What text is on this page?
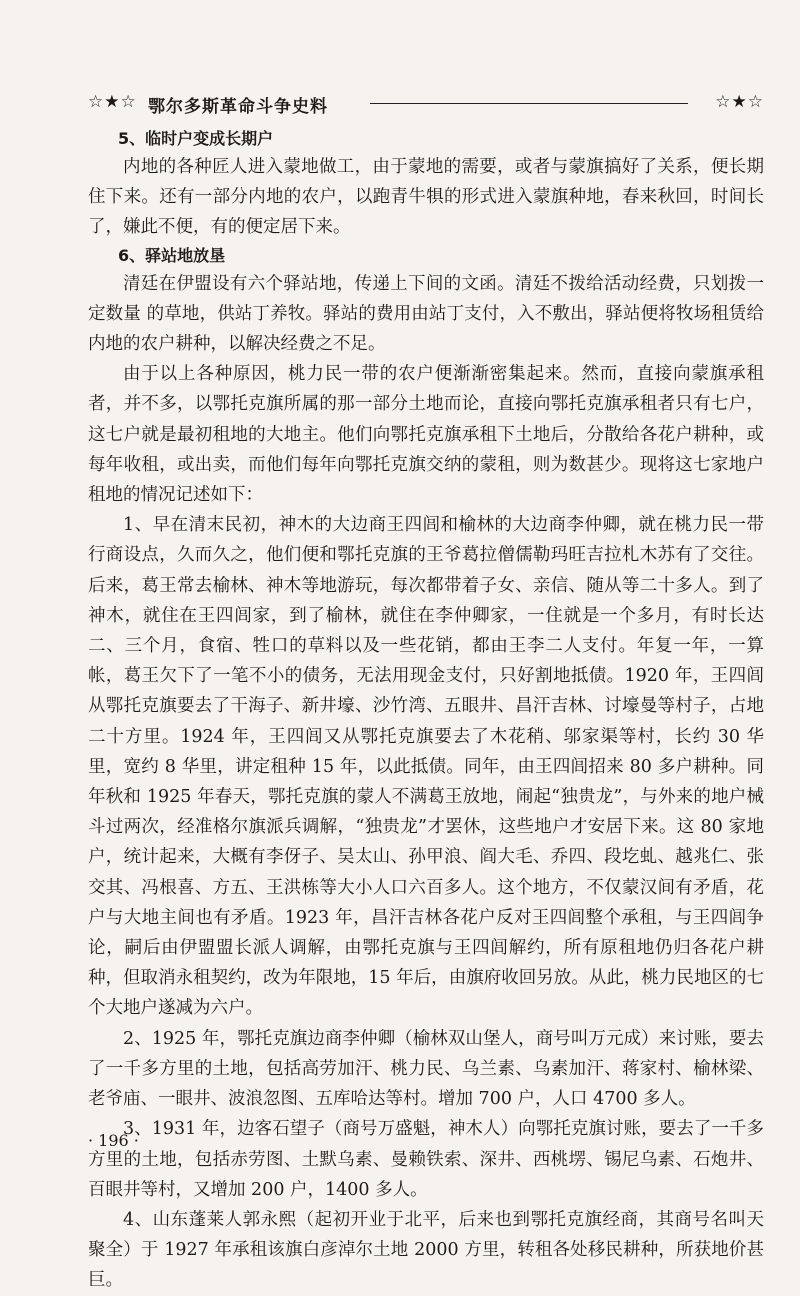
☆★☆ 鄂尔多斯革命斗争史料	☆★☆
5、临时户变成长期户

内地的各种匠人进入蒙地做工，由于蒙地的需要，或者与蒙旗搞好了关系，便长期住下来。还有一部分内地的农户，以跑青牛犋的形式进入蒙旗种地，春来秋回，时间长了，嫌此不便，有的便定居下来。

6、驿站地放垦

清廷在伊盟设有六个驿站地，传递上下间的文函。清廷不拨给活动经费，只划拨一定数量 的草地，供站丁养牧。驿站的费用由站丁支付，入不敷出，驿站便将牧场租赁给内地的农户耕种，以解决经费之不足。

由于以上各种原因，桃力民一带的农户便渐渐密集起来。然而，直接向蒙旗承租者，并不多，以鄂托克旗所属的那一部分土地而论，直接向鄂托克旗承租者只有七户，这七户就是最初租地的大地主。他们向鄂托克旗承租下土地后，分散给各花户耕种，或每年收租，或出卖，而他们每年向鄂托克旗交纳的蒙租，则为数甚少。现将这七家地户租地的情况记述如下：

1、早在清末民初，神木的大边商王四闾和榆林的大边商李仲卿，就在桃力民一带行商设点，久而久之，他们便和鄂托克旗的王爷葛拉僧儒勒玛旺吉拉札木苏有了交往。后来，葛王常去榆林、神木等地游玩，每次都带着子女、亲信、随从等二十多人。到了神木，就住在王四闾家，到了榆林，就住在李仲卿家，一住就是一个多月，有时长达二、三个月，食宿、牲口的草料以及一些花销，都由王李二人支付。年复一年，一算帐，葛王欠下了一笔不小的债务，无法用现金支付，只好割地抵债。1920 年，王四闾从鄂托克旗要去了干海子、新井壕、沙竹湾、五眼井、昌汗吉林、讨壕曼等村子，占地二十方里。1924 年，王四闾又从鄂托克旗要去了木花稍、邬家渠等村，长约 30 华里，宽约 8 华里，讲定租种 15 年，以此抵债。同年，由王四闾招来 80 多户耕种。同年秋和 1925 年春天，鄂托克旗的蒙人不满葛王放地，闹起“独贵龙”，与外来的地户械斗过两次，经准格尔旗派兵调解，“独贵龙”才罢休，这些地户才安居下来。这 80 家地户，统计起来，大概有李伢子、吴太山、孙甲浪、阎大毛、乔四、段圪虬、越兆仁、张交其、冯根喜、方五、王洪栋等大小人口六百多人。这个地方，不仅蒙汉间有矛盾，花户与大地主间也有矛盾。1923 年，昌汗吉林各花户反对王四闾整个承租，与王四闾争论，嗣后由伊盟盟长派人调解，由鄂托克旗与王四闾解约，所有原租地仍归各花户耕种，但取消永租契约，改为年限地，15 年后，由旗府收回另放。从此，桃力民地区的七个大地户遂减为六户。

2、1925 年，鄂托克旗边商李仲卿（榆林双山堡人，商号叫万元成）来讨账，要去了一千多方里的土地，包括高劳加汗、桃力民、乌兰素、乌素加汗、蒋家村、榆林梁、老爷庙、一眼井、波浪忽图、五库哈达等村。增加 700 户，人口 4700 多人。

3、1931 年，边客石望子（商号万盛魁，神木人）向鄂托克旗讨账，要去了一千多方里的土地，包括赤劳图、土默乌素、曼赖铁索、深井、西桃塄、锡尼乌素、石炮井、百眼井等村，又增加 200 户，1400 多人。

4、山东蓬莱人郭永熙（起初开业于北平，后来也到鄂托克旗经商，其商号名叫天聚全）于 1927 年承租该旗白彦淖尔土地 2000 方里，转租各处移民耕种，所获地价甚巨。

· 196 ·
